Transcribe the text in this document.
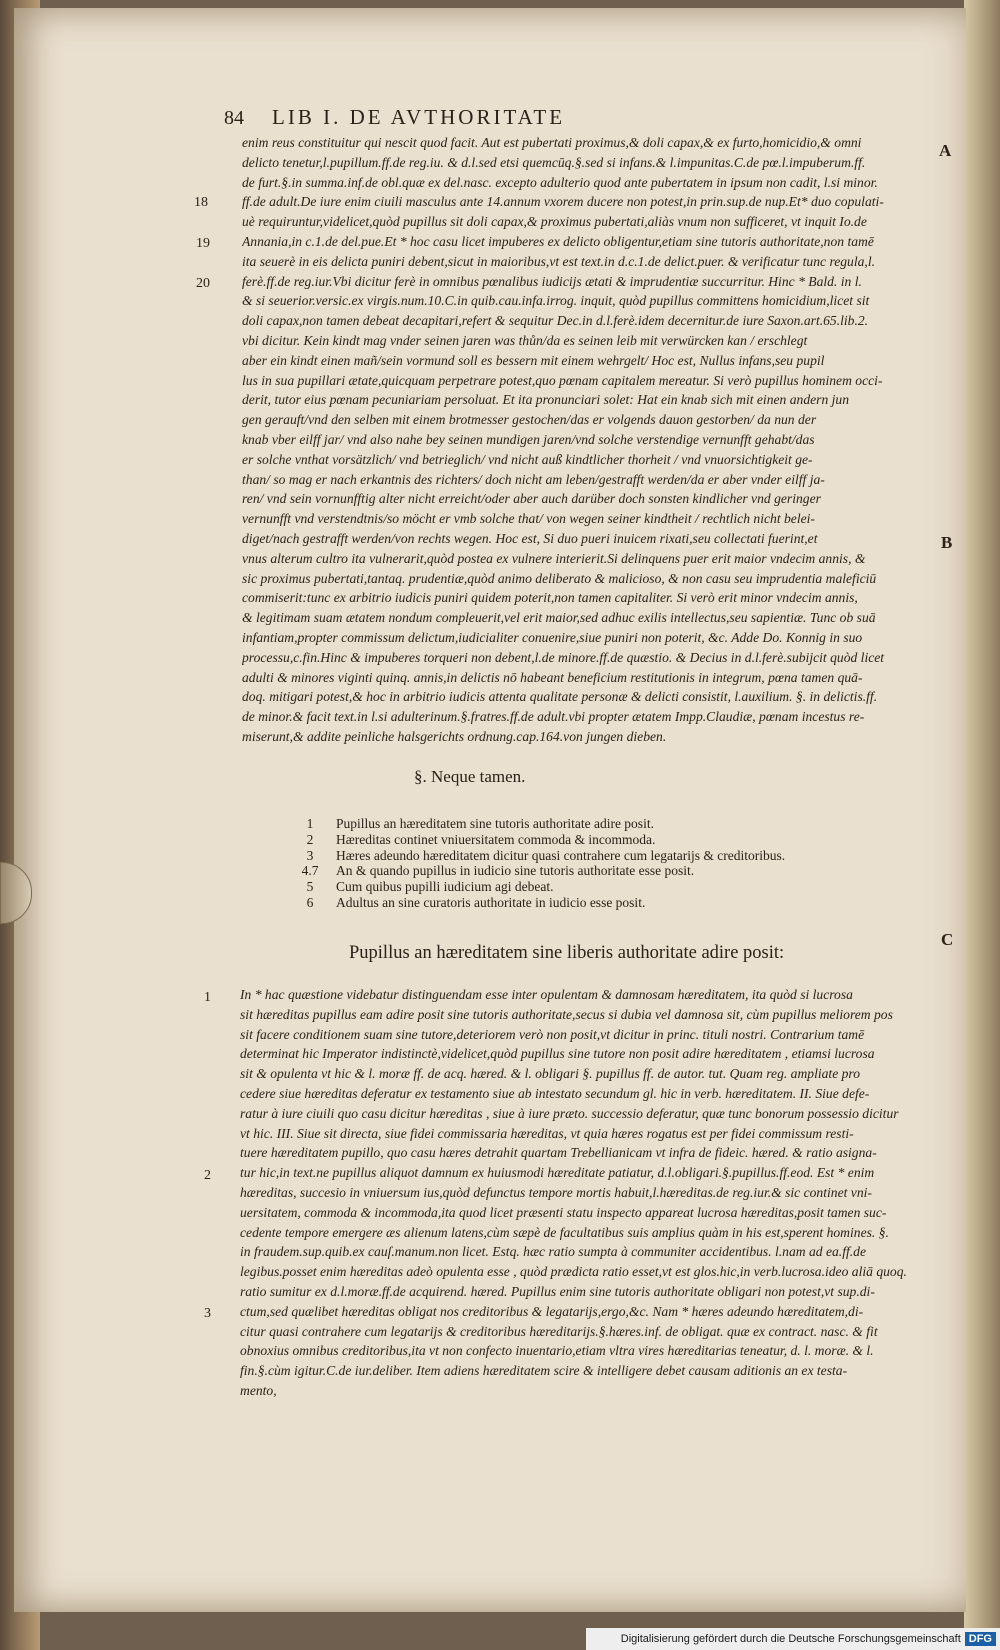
84 LIB I. DE AVTHORITATE
A
B
C
18
19
20
1
2
3
enim reus constituitur qui nescit quod facit. Aut est pubertati proximus,& doli capax,& ex furto,homicidio,& omni
delicto tenetur,l.pupillum.ff.de reg.iu. & d.l.sed etsi quemcūq.§.sed si infans.& l.impunitas.C.de pœ.l.impuberum.ff.
de furt.§.in summa.inf.de obl.quæ ex del.nasc. excepto adulterio quod ante pubertatem in ipsum non cadit, l.si minor.
ff.de adult.De iure enim ciuili masculus ante 14.annum vxorem ducere non potest,in prin.sup.de nup.Et* duo copulati-
uè requiruntur,videlicet,quòd pupillus sit doli capax,& proximus pubertati,aliàs vnum non sufficeret, vt inquit Io.de
Annania,in c.1.de del.pue.Et * hoc casu licet impuberes ex delicto obligentur,etiam sine tutoris authoritate,non tamē
ita seuerè in eis delicta puniri debent,sicut in maioribus,vt est text.in d.c.1.de delict.puer. & verificatur tunc regula,l.
ferè.ff.de reg.iur.Vbi dicitur ferè in omnibus pœnalibus iudicijs ætati & imprudentiæ succurritur. Hinc * Bald. in l.
& si seuerior.versic.ex virgis.num.10.C.in quib.cau.infa.irrog. inquit, quòd pupillus committens homicidium,licet sit
doli capax,non tamen debeat decapitari,refert & sequitur Dec.in d.l.ferè.idem decernitur.de iure Saxon.art.65.lib.2.
vbi dicitur. Kein kindt mag vnder seinen jaren was thůn/da es seinen leib mit verwürcken kan / erschlegt
aber ein kindt einen mañ/sein vormund soll es bessern mit einem wehrgelt/ Hoc est, Nullus infans,seu pupil
lus in sua pupillari ætate,quicquam perpetrare potest,quo pœnam capitalem mereatur. Si verò pupillus hominem occi-
derit, tutor eius pœnam pecuniariam persoluat. Et ita pronunciari solet: Hat ein knab sich mit einen andern jun
gen gerauft/vnd den selben mit einem brotmesser gestochen/das er volgends dauon gestorben/ da nun der
knab vber eilff jar/ vnd also nahe bey seinen mundigen jaren/vnd solche verstendige vernunfft gehabt/das
er solche vnthat vorsätzlich/ vnd betrieglich/ vnd nicht auß kindtlicher thorheit / vnd vnuorsichtigkeit ge-
than/ so mag er nach erkantnis des richters/ doch nicht am leben/gestrafft werden/da er aber vnder eilff ja-
ren/ vnd sein vornunfftig alter nicht erreicht/oder aber auch darüber doch sonsten kindlicher vnd geringer
vernunfft vnd verstendtnis/so möcht er vmb solche that/ von wegen seiner kindtheit / rechtlich nicht belei-
diget/nach gestrafft werden/von rechts wegen. Hoc est, Si duo pueri inuicem rixati,seu collectati fuerint,et
vnus alterum cultro ita vulnerarit,quòd postea ex vulnere interierit.Si delinquens puer erit maior vndecim annis, &
sic proximus pubertati,tantaq. prudentiæ,quòd animo deliberato & malicioso, & non casu seu imprudentia maleficiū
commiserit:tunc ex arbitrio iudicis puniri quidem poterit,non tamen capitaliter. Si verò erit minor vndecim annis,
& legitimam suam ætatem nondum compleuerit,vel erit maior,sed adhuc exilis intellectus,seu sapientiæ. Tunc ob suā
infantiam,propter commissum delictum,iudicialiter conuenire,siue puniri non poterit, &c. Adde Do. Konnig in suo
processu,c.fin.Hinc & impuberes torqueri non debent,l.de minore.ff.de quæstio. & Decius in d.l.ferè.subijcit quòd licet
adulti & minores viginti quinq. annis,in delictis nō habeant beneficium restitutionis in integrum, pœna tamen quā-
doq. mitigari potest,& hoc in arbitrio iudicis attenta qualitate personæ & delicti consistit, l.auxilium. §. in delictis.ff.
de minor.& facit text.in l.si adulterinum.§.fratres.ff.de adult.vbi propter ætatem Impp.Claudiæ, pœnam incestus re-
miserunt,& addite peinliche halsgerichts ordnung.cap.164.von jungen dieben.
§. Neque tamen.
1	Pupillus an hæreditatem sine tutoris authoritate adire posit.
2	Hæreditas continet vniuersitatem commoda & incommoda.
3	Hæres adeundo hæreditatem dicitur quasi contrahere cum legatarijs & creditoribus.
4.7	An & quando pupillus in iudicio sine tutoris authoritate esse posit.
5	Cum quibus pupilli iudicium agi debeat.
6	Adultus an sine curatoris authoritate in iudicio esse posit.
Pupillus an hæreditatem sine liberis authoritate adire posit:
In * hac quæstione videbatur distinguendam esse inter opulentam & damnosam hæreditatem, ita quòd si lucrosa
sit hæreditas pupillus eam adire posit sine tutoris authoritate,secus si dubia vel damnosa sit, cùm pupillus meliorem pos
sit facere conditionem suam sine tutore,deteriorem verò non posit,vt dicitur in princ. tituli nostri. Contrarium tamē
determinat hic Imperator indistinctè,videlicet,quòd pupillus sine tutore non posit adire hæreditatem , etiamsi lucrosa
sit & opulenta vt hic & l. moræ ff. de acq. hæred. & l. obligari §. pupillus ff. de autor. tut. Quam reg. ampliate pro
cedere siue hæreditas deferatur ex testamento siue ab intestato secundum gl. hic in verb. hæreditatem. II. Siue defe-
ratur à iure ciuili quo casu dicitur hæreditas , siue à iure præto. successio deferatur, quæ tunc bonorum possessio dicitur
vt hic. III. Siue sit directa, siue fidei commissaria hæreditas, vt quia hæres rogatus est per fidei commissum resti-
tuere hæreditatem pupillo, quo casu hæres detrahit quartam Trebellianicam vt infra de fideic. hæred. & ratio asigna-
tur hic,in text.ne pupillus aliquot damnum ex huiusmodi hæreditate patiatur, d.l.obligari.§.pupillus.ff.eod. Est * enim
hæreditas, succesio in vniuersum ius,quòd defunctus tempore mortis habuit,l.hæreditas.de reg.iur.& sic continet vni-
uersitatem, commoda & incommoda,ita quod licet præsenti statu inspecto appareat lucrosa hæreditas,posit tamen suc-
cedente tempore emergere æs alienum latens,cùm sæpè de facultatibus suis amplius quàm in his est,sperent homines. §.
in fraudem.sup.quib.ex cauſ.manum.non licet. Estq. hæc ratio sumpta à communiter accidentibus. l.nam ad ea.ff.de
legibus.posset enim hæreditas adeò opulenta esse , quòd prædicta ratio esset,vt est glos.hic,in verb.lucrosa.ideo aliā quoq.
ratio sumitur ex d.l.moræ.ff.de acquirend. hæred. Pupillus enim sine tutoris authoritate obligari non potest,vt sup.di-
ctum,sed quælibet hæreditas obligat nos creditoribus & legatarijs,ergo,&c. Nam * hæres adeundo hæreditatem,di-
citur quasi contrahere cum legatarijs & creditoribus hæreditarijs.§.hæres.inf. de obligat. quæ ex contract. nasc. & fit
obnoxius omnibus creditoribus,ita vt non confecto inuentario,etiam vltra vires hæreditarias teneatur, d. l. moræ. & l.
fin.§.cùm igitur.C.de iur.deliber. Item adiens hæreditatem scire & intelligere debet causam aditionis an ex testa-
mento,
Digitalisierung gefördert durch die Deutsche Forschungsgemeinschaft DFG
